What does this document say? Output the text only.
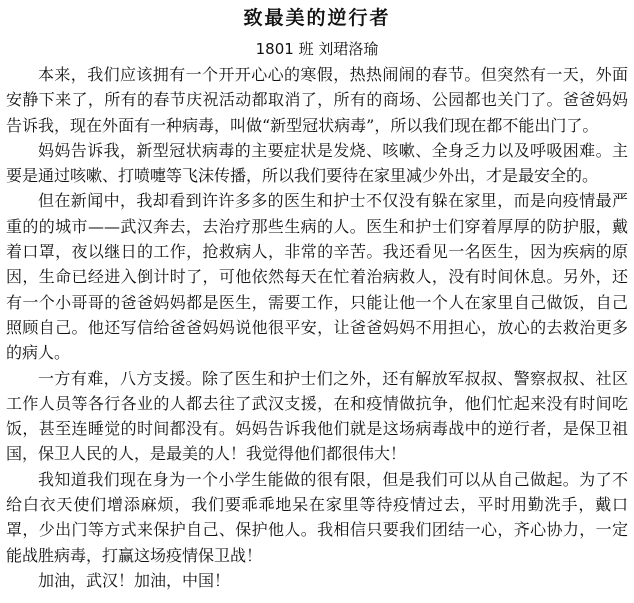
致最美的逆行者
1801 班 刘珺洛瑜

本来，我们应该拥有一个开开心心的寒假，热热闹闹的春节。但突然有一天，外面安静下来了，所有的春节庆祝活动都取消了，所有的商场、公园都也关门了。爸爸妈妈告诉我，现在外面有一种病毒，叫做“新型冠状病毒”，所以我们现在都不能出门了。

妈妈告诉我，新型冠状病毒的主要症状是发烧、咳嗽、全身乏力以及呼吸困难。主要是通过咳嗽、打喷嚏等飞沫传播，所以我们要待在家里减少外出，才是最安全的。

但在新闻中，我却看到许许多多的医生和护士不仅没有躲在家里，而是向疫情最严重的的城市——武汉奔去，去治疗那些生病的人。医生和护士们穿着厚厚的防护服，戴着口罩，夜以继日的工作，抢救病人，非常的辛苦。我还看见一名医生，因为疾病的原因，生命已经进入倒计时了，可他依然每天在忙着治病救人，没有时间休息。另外，还有一个小哥哥的爸爸妈妈都是医生，需要工作，只能让他一个人在家里自己做饭，自己照顾自己。他还写信给爸爸妈妈说他很平安，让爸爸妈妈不用担心，放心的去救治更多的病人。

一方有难，八方支援。除了医生和护士们之外，还有解放军叔叔、警察叔叔、社区工作人员等各行各业的人都去往了武汉支援，在和疫情做抗争，他们忙起来没有时间吃饭，甚至连睡觉的时间都没有。妈妈告诉我他们就是这场病毒战中的逆行者，是保卫祖国，保卫人民的人，是最美的人！我觉得他们都很伟大！

我知道我们现在身为一个小学生能做的很有限，但是我们可以从自己做起。为了不给白衣天使们增添麻烦，我们要乖乖地呆在家里等待疫情过去，平时用勤洗手，戴口罩，少出门等方式来保护自己、保护他人。我相信只要我们团结一心，齐心协力，一定能战胜病毒，打赢这场疫情保卫战！

加油，武汉！加油，中国！
